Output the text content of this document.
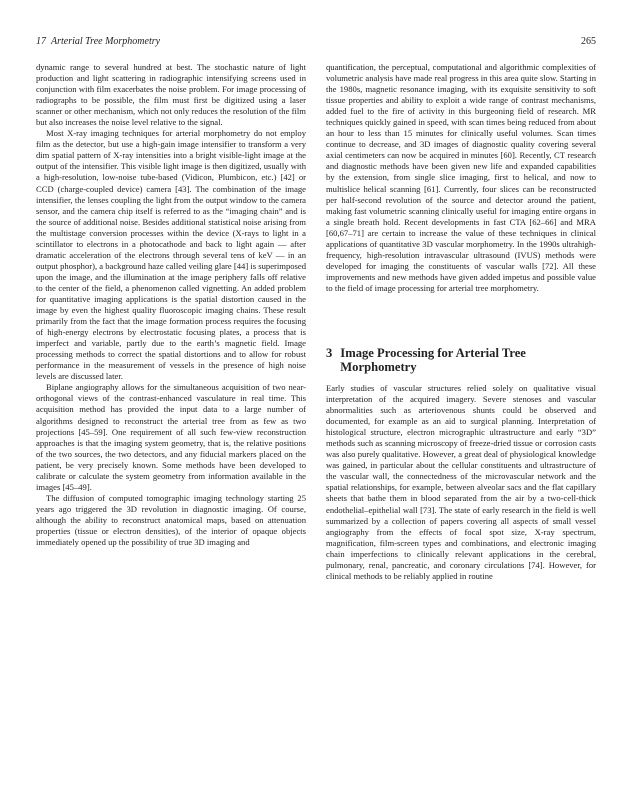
17 Arterial Tree Morphometry	265

dynamic range to several hundred at best. The stochastic nature of light production and light scattering in radiographic intensifying screens used in conjunction with film exacerbates the noise problem. For image processing of radiographs to be possible, the film must first be digitized using a laser scanner or other mechanism, which not only reduces the resolution of the film but also increases the noise level relative to the signal.

Most X-ray imaging techniques for arterial morphometry do not employ film as the detector, but use a high-gain image intensifier to transform a very dim spatial pattern of X-ray intensities into a bright visible-light image at the output of the intensifier. This visible light image is then digitized, usually with a high-resolution, low-noise tube-based (Vidicon, Plumbicon, etc.) [42] or CCD (charge-coupled device) camera [43]. The combination of the image intensifier, the lenses coupling the light from the output window to the camera sensor, and the camera chip itself is referred to as the “imaging chain” and is the source of additional noise. Besides additional statistical noise arising from the multistage conversion processes within the device (X-rays to light in a scintillator to electrons in a photocathode and back to light again — after dramatic acceleration of the electrons through several tens of keV — in an output phosphor), a background haze called veiling glare [44] is superimposed upon the image, and the illumination at the image periphery falls off relative to the center of the field, a phenomenon called vignetting. An added problem for quantitative imaging applications is the spatial distortion caused in the image by even the highest quality fluoroscopic imaging chains. These result primarily from the fact that the image formation process requires the focusing of high-energy electrons by electrostatic focusing plates, a process that is imperfect and variable, partly due to the earth’s magnetic field. Image processing methods to correct the spatial distortions and to allow for robust performance in the measurement of vessels in the presence of high noise levels are discussed later.

Biplane angiography allows for the simultaneous acquisition of two near-orthogonal views of the contrast-enhanced vasculature in real time. This acquisition method has provided the input data to a large number of algorithms designed to reconstruct the arterial tree from as few as two projections [45–59]. One requirement of all such few-view reconstruction approaches is that the imaging system geometry, that is, the relative positions of the two sources, the two detectors, and any fiducial markers placed on the patient, be very precisely known. Some methods have been developed to calibrate or calculate the system geometry from information available in the images [45–49].

The diffusion of computed tomographic imaging technology starting 25 years ago triggered the 3D revolution in diagnostic imaging. Of course, although the ability to reconstruct anatomical maps, based on attenuation properties (tissue or electron densities), of the interior of opaque objects immediately opened up the possibility of true 3D imaging and

quantification, the perceptual, computational and algorithmic complexities of volumetric analysis have made real progress in this area quite slow. Starting in the 1980s, magnetic resonance imaging, with its exquisite sensitivity to soft tissue properties and ability to exploit a wide range of contrast mechanisms, added fuel to the fire of activity in this burgeoning field of research. MR techniques quickly gained in speed, with scan times being reduced from about an hour to less than 15 minutes for clinically useful volumes. Scan times continue to decrease, and 3D images of diagnostic quality covering several axial centimeters can now be acquired in minutes [60]. Recently, CT research and diagnostic methods have been given new life and expanded capabilities by the extension, from single slice imaging, first to helical, and now to multislice helical scanning [61]. Currently, four slices can be reconstructed per half-second revolution of the source and detector around the patient, making fast volumetric scanning clinically useful for imaging entire organs in a single breath hold. Recent developments in fast CTA [62–66] and MRA [60,67–71] are certain to increase the value of these techniques in clinical applications of quantitative 3D vascular morphometry. In the 1990s ultrahigh-frequency, high-resolution intravascular ultrasound (IVUS) methods were developed for imaging the constituents of vascular walls [72]. All these improvements and new methods have given added impetus and possible value to the field of image processing for arterial tree morphometry.

3 Image Processing for Arterial Tree Morphometry

Early studies of vascular structures relied solely on qualitative visual interpretation of the acquired imagery. Severe stenoses and vascular abnormalities such as arteriovenous shunts could be observed and documented, for example as an aid to surgical planning. Interpretation of histological structure, electron micrographic ultrastructure and early “3D” methods such as scanning microscopy of freeze-dried tissue or corrosion casts was also purely qualitative. However, a great deal of physiological knowledge was gained, in particular about the cellular constituents and ultrastructure of the vascular wall, the connectedness of the microvascular network and the spatial relationships, for example, between alveolar sacs and the flat capillary sheets that bathe them in blood separated from the air by a two-cell-thick endothelial–epithelial wall [73]. The state of early research in the field is well summarized by a collection of papers covering all aspects of small vessel angiography from the effects of focal spot size, X-ray spectrum, magnification, film-screen types and combinations, and electronic imaging chain imperfections to clinically relevant applications in the cerebral, pulmonary, renal, pancreatic, and coronary circulations [74]. However, for clinical methods to be reliably applied in routine
